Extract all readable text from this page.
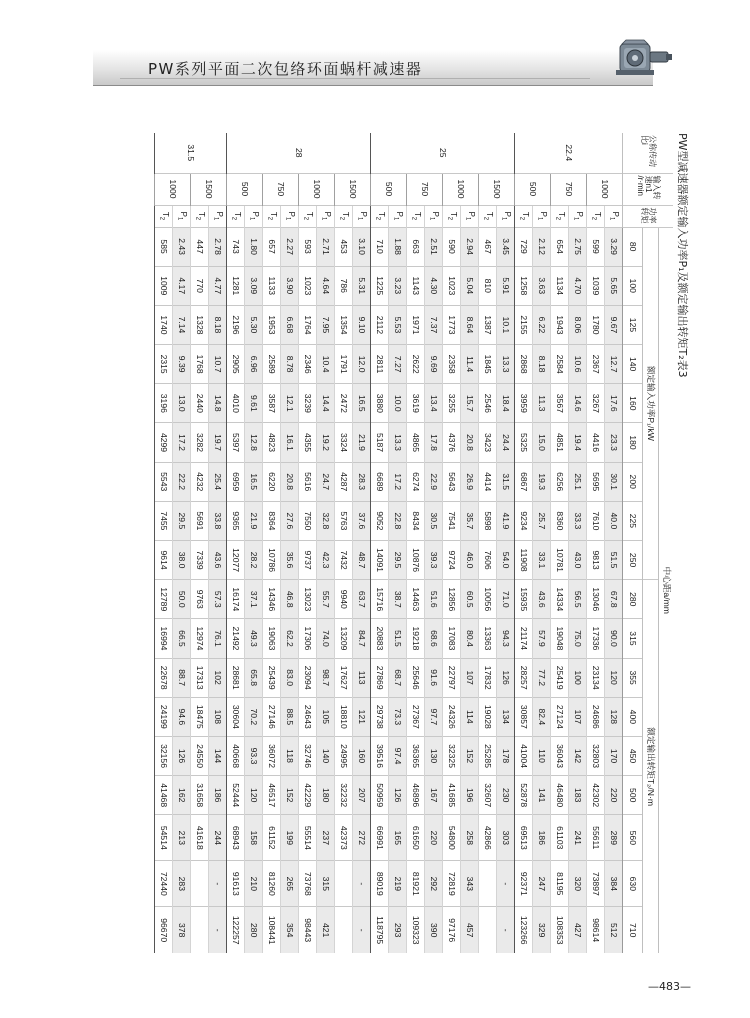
PW系列平面二次包络环面蜗杆减速器
PW型减速器额定输入功率P₁及额定输出转矩T₂表3
公称传动比i	输入转速n1 /r·min	功率转矩	中心距a/mm																	
			额定输入功率P₁/kW									额定输出转矩T₂/N·m								
			80	100	125	140	160	180	200	225	250	280	315	355	400	450	500	560	630	710
22.4	1000	$P_1$	3.29	5.65	9.67	12.7	17.6	23.3	30.1	40.0	51.5	67.8	90.0	120	128	170	220	289	384	512
		$T_2$	599	1039	1780	2367	3267	4416	5695	7610	9813	13046	17336	23134	24686	32803	42302	55611	73897	98614
	750	$P_1$	2.75	4.70	8.06	10.6	14.6	19.4	25.1	33.3	43.0	56.5	75.0	100	107	142	183	241	320	427
		$T_2$	654	1134	1943	2584	3567	4851	6256	8360	10781	14334	19048	25419	27124	36043	46480	61103	81195	108353
	500	$P_1$	2.12	3.63	6.22	8.18	11.3	15.0	19.3	25.7	33.1	43.6	57.9	77.2	82.4	110	141	186	247	329
		$T_2$	729	1258	2155	2868	3959	5325	6867	9234	11908	15935	21174	28257	30857	41004	52878	69513	92371	123266
25	1500	$P_1$	3.45	5.91	10.1	13.3	18.4	24.4	31.5	41.9	54.0	71.0	94.3	126	134	178	230	303	-	-
		$T_2$	467	810	1387	1845	2546	3423	4414	5898	7606	10056	13363	17832	19028	25285	32607	42866		
	1000	$P_1$	2.94	5.04	8.64	11.4	15.7	20.8	26.9	35.7	46.0	60.5	80.4	107	114	152	196	258	343	457
		$T_2$	590	1023	1773	2358	3255	4376	5643	7541	9724	12856	17083	22797	24326	32325	41685	54800	72819	97176
	750	$P_1$	2.51	4.30	7.37	9.69	13.4	17.8	22.9	30.5	39.3	51.6	68.6	91.6	97.7	130	167	220	292	390
		$T_2$	663	1143	1971	2622	3619	4865	6274	8434	10876	14463	19218	25646	27367	36365	46896	61650	81921	109323
	500	$P_1$	1.88	3.23	5.53	7.27	10.0	13.3	17.2	22.8	29.5	38.7	51.5	68.7	73.3	97.4	126	165	219	293
		$T_2$	710	1225	2112	2811	3880	5187	6689	9052	14091	15716	20883	27869	29738	39516	50959	66991	89019	118795
28	1500	$P_1$	3.10	5.31	9.10	12.0	16.5	21.9	28.3	37.6	48.7	63.7	84.7	113	121	160	207	272	-	-
		$T_2$	453	786	1354	1791	2472	3324	4287	5763	7432	9940	13209	17627	18810	24995	32232	42373		
	1000	$P_1$	2.71	4.64	7.95	10.4	14.4	19.2	24.7	32.8	42.3	55.7	74.0	98.7	105	140	180	237	315	421
		$T_2$	593	1023	1764	2346	3239	4355	5616	7550	9737	13023	17306	23094	24643	32746	42229	55514	73768	98443
	750	$P_1$	2.27	3.90	6.68	8.78	12.1	16.1	20.8	27.6	35.6	46.8	62.2	83.0	88.5	118	152	199	265	354
		$T_2$	657	1133	1953	2589	3587	4823	6220	8364	10786	14346	19063	25439	27146	36072	46517	61152	81260	108441
	500	$P_1$	1.80	3.09	5.30	6.96	9.61	12.8	16.5	21.9	28.2	37.1	49.3	65.8	70.2	93.3	120	158	210	280
		$T_2$	743	1281	2196	2905	4010	5397	6959	9365	12077	16174	21492	28681	30604	40668	52444	68943	91613	122257
31.5	1500	$P_1$	2.78	4.77	8.18	10.7	14.8	19.7	25.4	33.8	43.6	57.3	76.1	102	108	144	186	244	-	-
		$T_2$	447	770	1328	1768	2440	3282	4232	5691	7339	9763	12974	17313	18475	24550	31658	41618		
	1000	$P_1$	2.43	4.17	7.14	9.39	13.0	17.2	22.2	29.5	38.0	50.0	66.5	88.7	94.6	126	162	213	283	378
		$T_2$	585	1009	1740	2315	3196	4299	5543	7455	9614	12789	16994	22678	24199	32156	41468	54514	72440	96670
—483—
